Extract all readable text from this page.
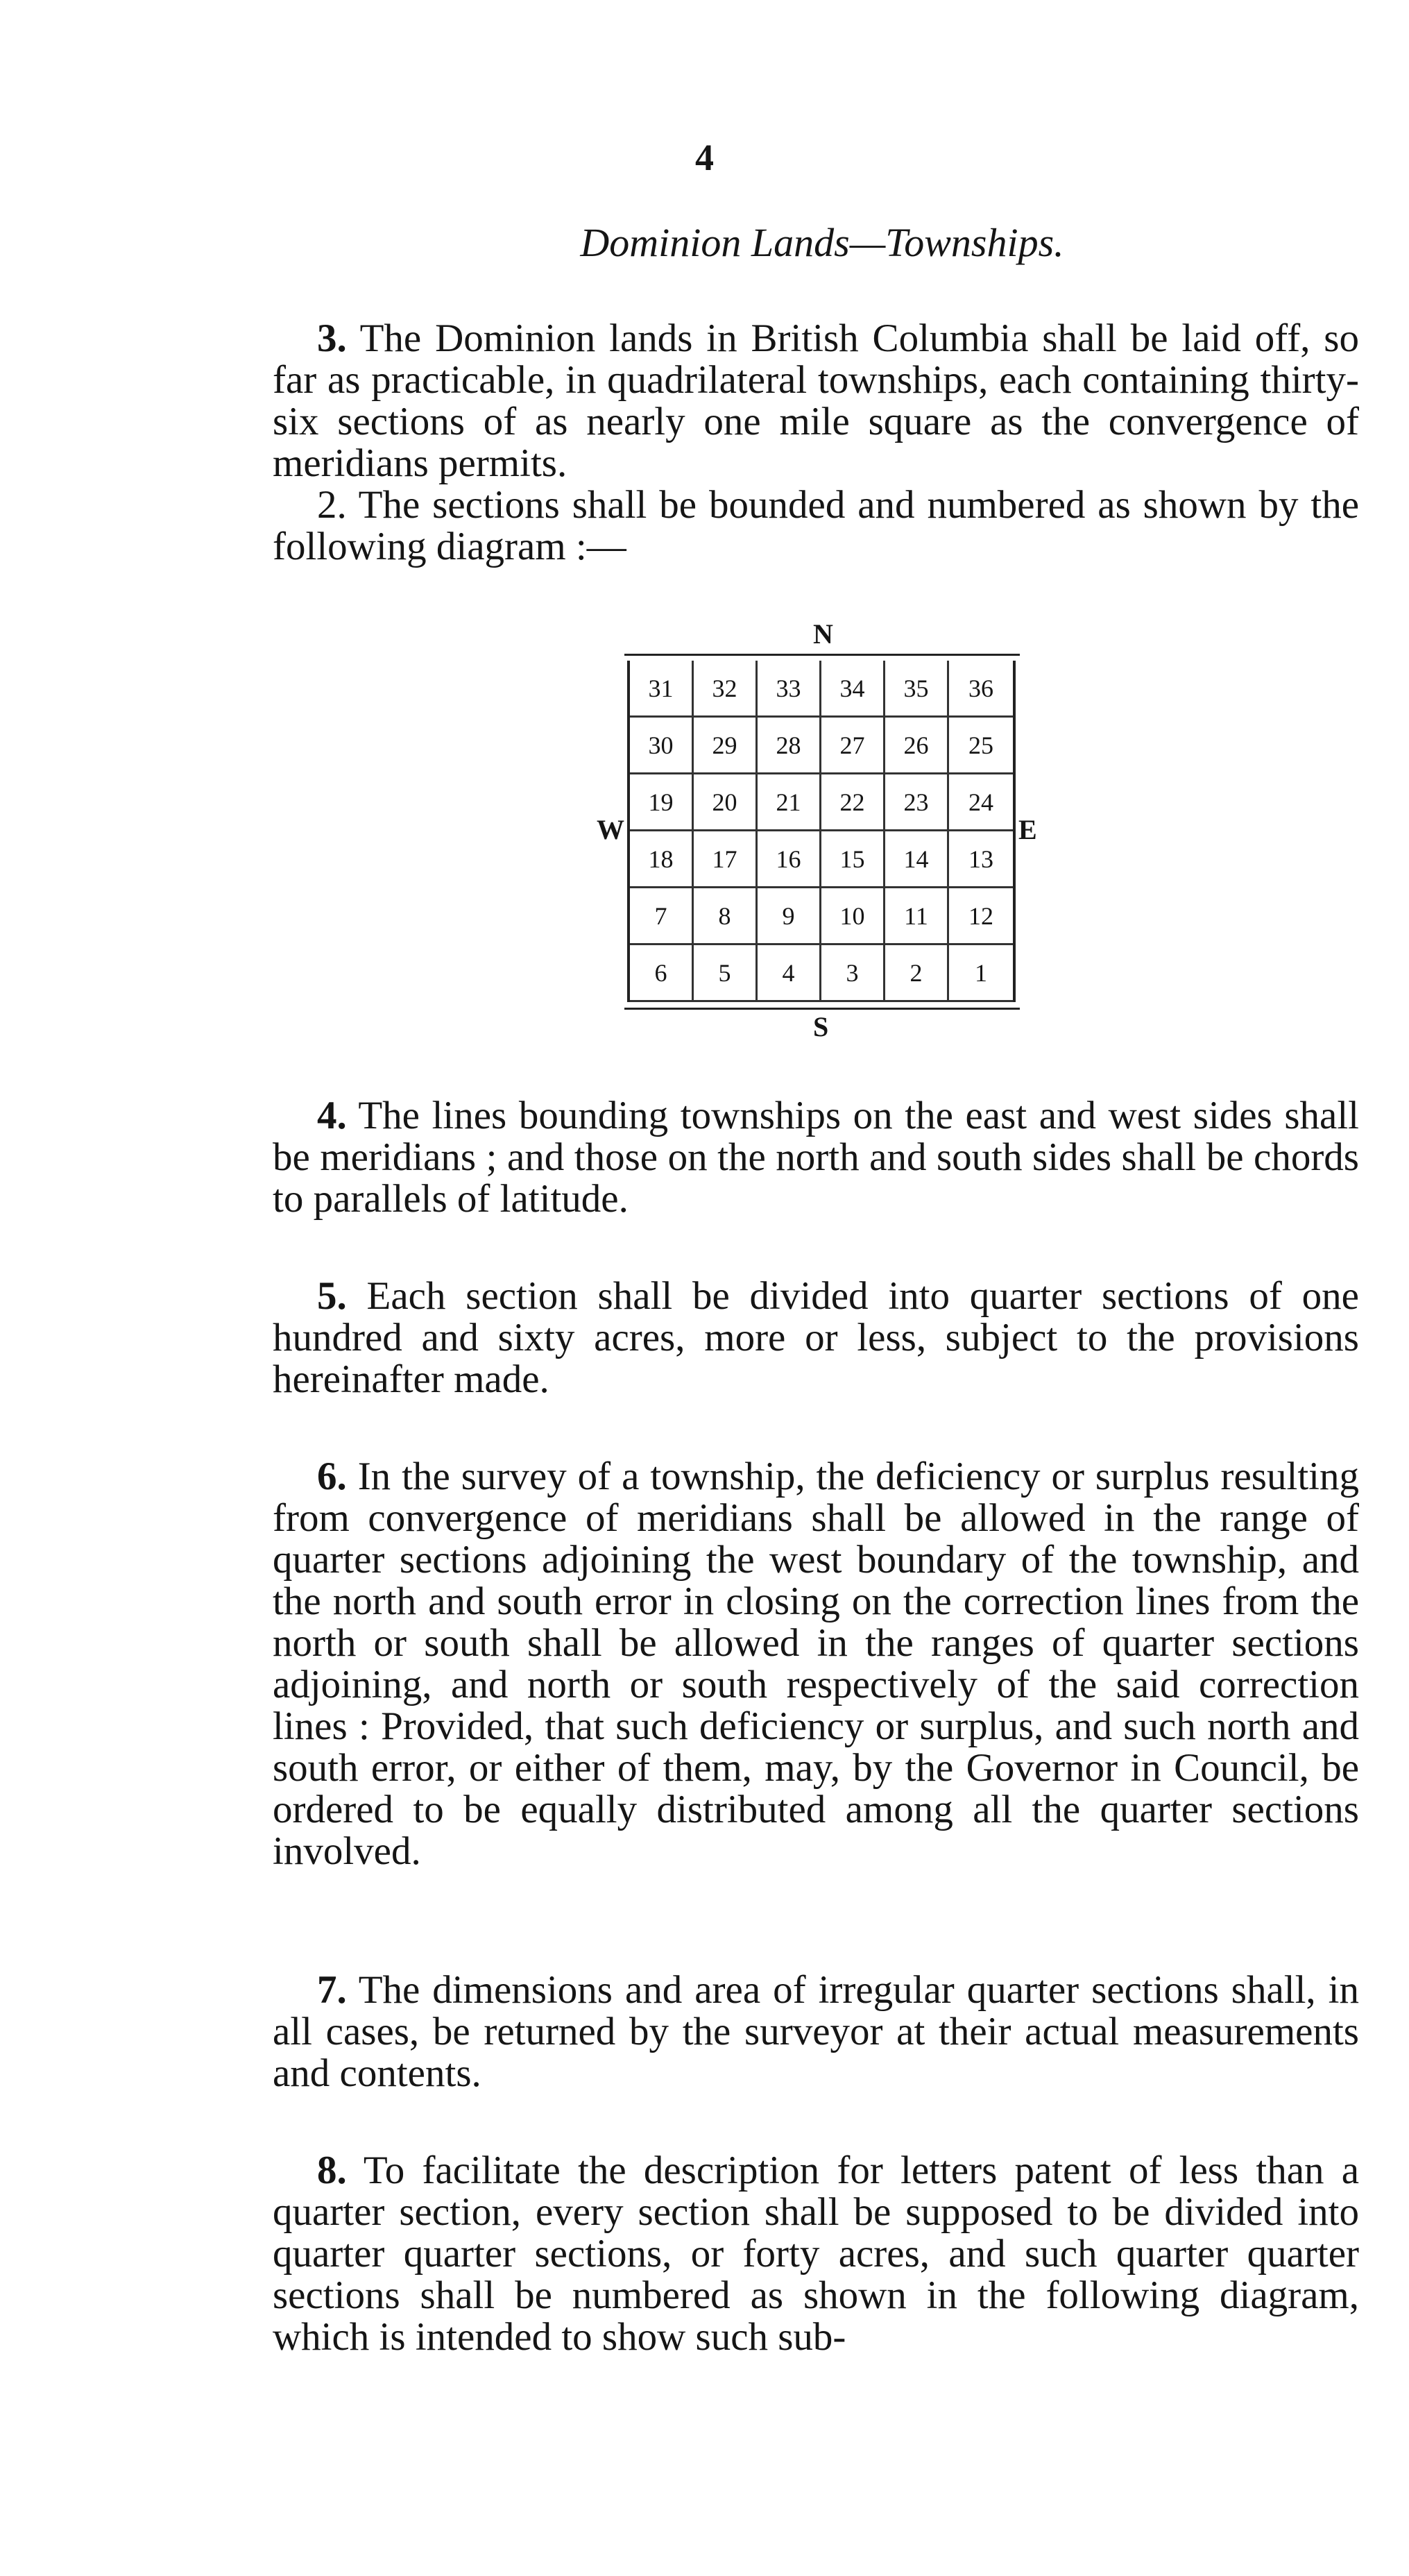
4
Dominion Lands—Townships.

3. The Dominion lands in British Columbia shall be laid off, so far as practicable, in quadrilateral townships, each containing thirty-six sections of as nearly one mile square as the convergence of meridians permits.

2. The sections shall be bounded and numbered as shown by the following diagram :—

N
W
31	32	33	34	35	36
30	29	28	27	26	25
19	20	21	22	23	24
18	17	16	15	14	13
7	8	9	10	11	12
6	5	4	3	2	1
E
S

4. The lines bounding townships on the east and west sides shall be meridians ; and those on the north and south sides shall be chords to parallels of latitude.

5. Each section shall be divided into quarter sections of one hundred and sixty acres, more or less, subject to the provisions hereinafter made.

6. In the survey of a township, the deficiency or surplus resulting from convergence of meridians shall be allowed in the range of quarter sections adjoining the west boundary of the township, and the north and south error in closing on the correction lines from the north or south shall be allowed in the ranges of quarter sections adjoining, and north or south respectively of the said correction lines : Provided, that such deficiency or surplus, and such north and south error, or either of them, may, by the Governor in Council, be ordered to be equally distributed among all the quarter sections involved.

7. The dimensions and area of irregular quarter sections shall, in all cases, be returned by the surveyor at their actual measurements and contents.

8. To facilitate the description for letters patent of less than a quarter section, every section shall be supposed to be divided into quarter quarter sections, or forty acres, and such quarter quarter sections shall be numbered as shown in the following diagram, which is intended to show such sub-
